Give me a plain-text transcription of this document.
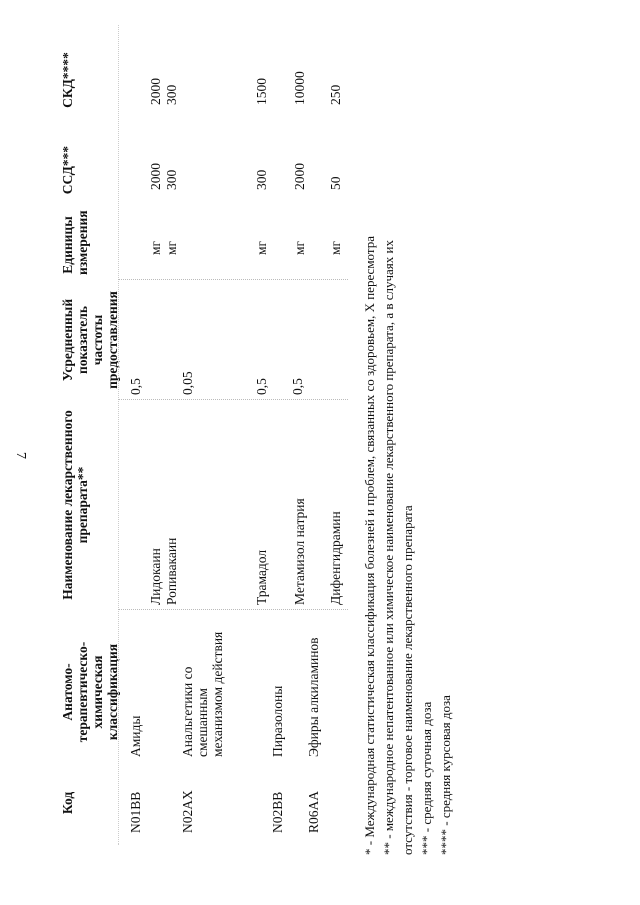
7
Код
Анатомо-терапевтическо-химическая классификация
Наименование лекарственного препарата**
Усредненный показатель частоты предоставления
Единицы измерения
ССД***
СКД****
N01BB
Амиды
0,5
Лидокаин
мг
2000
2000
Ропивакаин
мг
300
300
N02AX
Анальгетики со смешанным механизмом действия
0,05
Трамадол
мг
300
1500
N02BB
Пиразолоны
0,5
Метамизол натрия
мг
2000
10000
R06AA
Эфиры алкиламинов
0,5
Дифенгидрамин
мг
50
250
* - Международная статистическая классификация болезней и проблем, связанных со здоровьем, X пересмотра ** - международное непатентованное или химическое наименование лекарственного препарата, а в случаях их отсутствия - торговое наименование лекарственного препарата *** - средняя суточная доза **** - средняя курсовая доза
